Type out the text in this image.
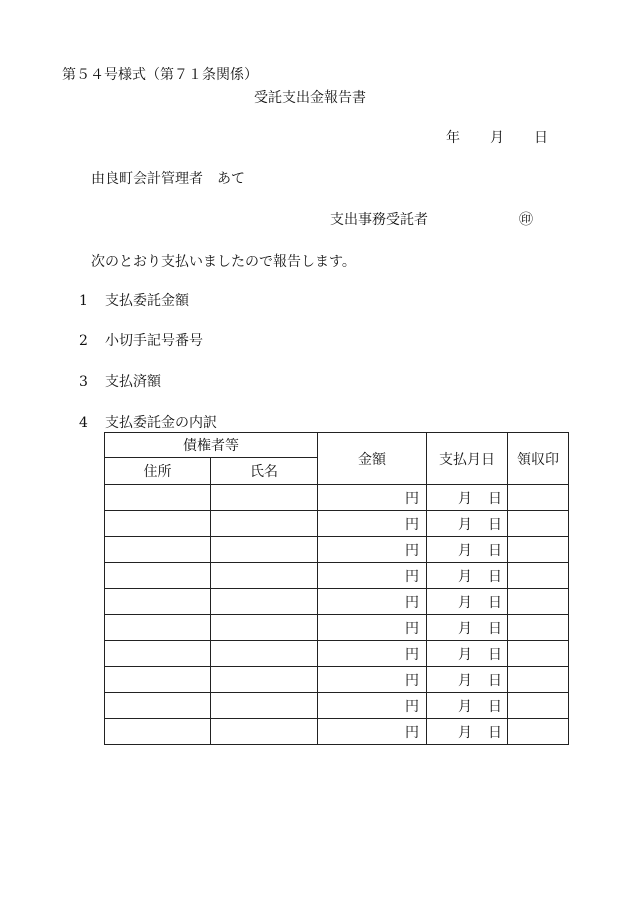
第５４号様式（第７１条関係）
受託支出金報告書
年 月 日
由良町会計管理者　あて
支出事務受託者	㊞
次のとおり支払いましたので報告します。
1 支払委託金額
2 小切手記号番号
3 支払済額
4 支払委託金の内訳
債権者等		金額	支払月日	領収印
住所	氏名			
		円	月 日	

		円	月 日	

		円	月 日	

		円	月 日	

		円	月 日	

		円	月 日	

		円	月 日	

		円	月 日	

		円	月 日	

		円	月 日	
